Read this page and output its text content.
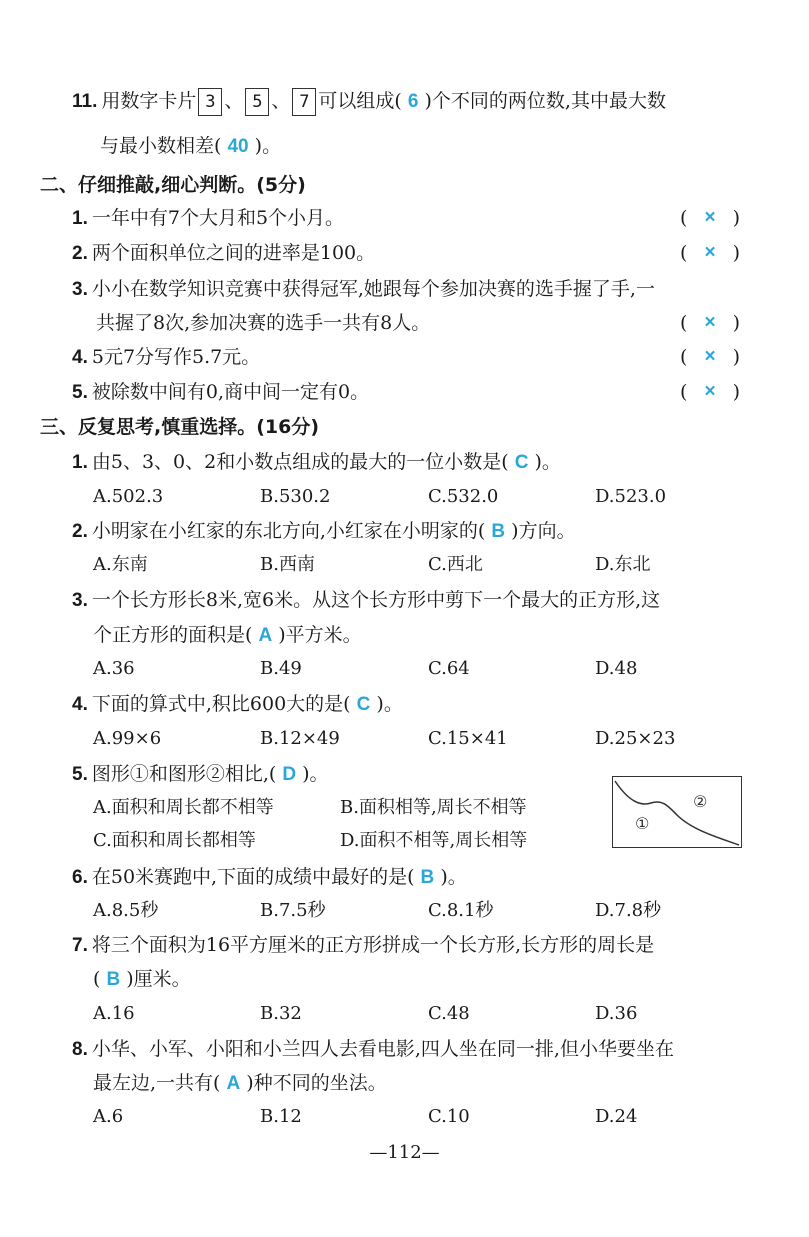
11. 用数字卡片 3 、 5 、 7 可以组成( 6 )个不同的两位数,其中最大数
与最小数相差( 40 )。
二、仔细推敲,细心判断。(5分)
1. 一年中有7个大月和5个小月。	( × )
2. 两个面积单位之间的进率是100。	( × )
3. 小小在数学知识竞赛中获得冠军,她跟每个参加决赛的选手握了手,一
共握了8次,参加决赛的选手一共有8人。	( × )
4. 5元7分写作5.7元。	( × )
5. 被除数中间有0,商中间一定有0。	( × )
三、反复思考,慎重选择。(16分)
1. 由5、3、0、2和小数点组成的最大的一位小数是( C )。
A.502.3	B.530.2	C.532.0	D.523.0
2. 小明家在小红家的东北方向,小红家在小明家的( B )方向。
A.东南	B.西南	C.西北	D.东北
3. 一个长方形长8米,宽6米。从这个长方形中剪下一个最大的正方形,这
个正方形的面积是( A )平方米。
A.36	B.49	C.64	D.48
4. 下面的算式中,积比600大的是( C )。
A.99×6	B.12×49	C.15×41	D.25×23
5. 图形①和图形②相比,( D )。
A.面积和周长都不相等	B.面积相等,周长不相等
C.面积和周长都相等	D.面积不相等,周长相等
①
②
6. 在50米赛跑中,下面的成绩中最好的是( B )。
A.8.5秒	B.7.5秒	C.8.1秒	D.7.8秒
7. 将三个面积为16平方厘米的正方形拼成一个长方形,长方形的周长是
( B )厘米。
A.16	B.32	C.48	D.36
8. 小华、小军、小阳和小兰四人去看电影,四人坐在同一排,但小华要坐在
最左边,一共有( A )种不同的坐法。
A.6	B.12	C.10	D.24
—112—
